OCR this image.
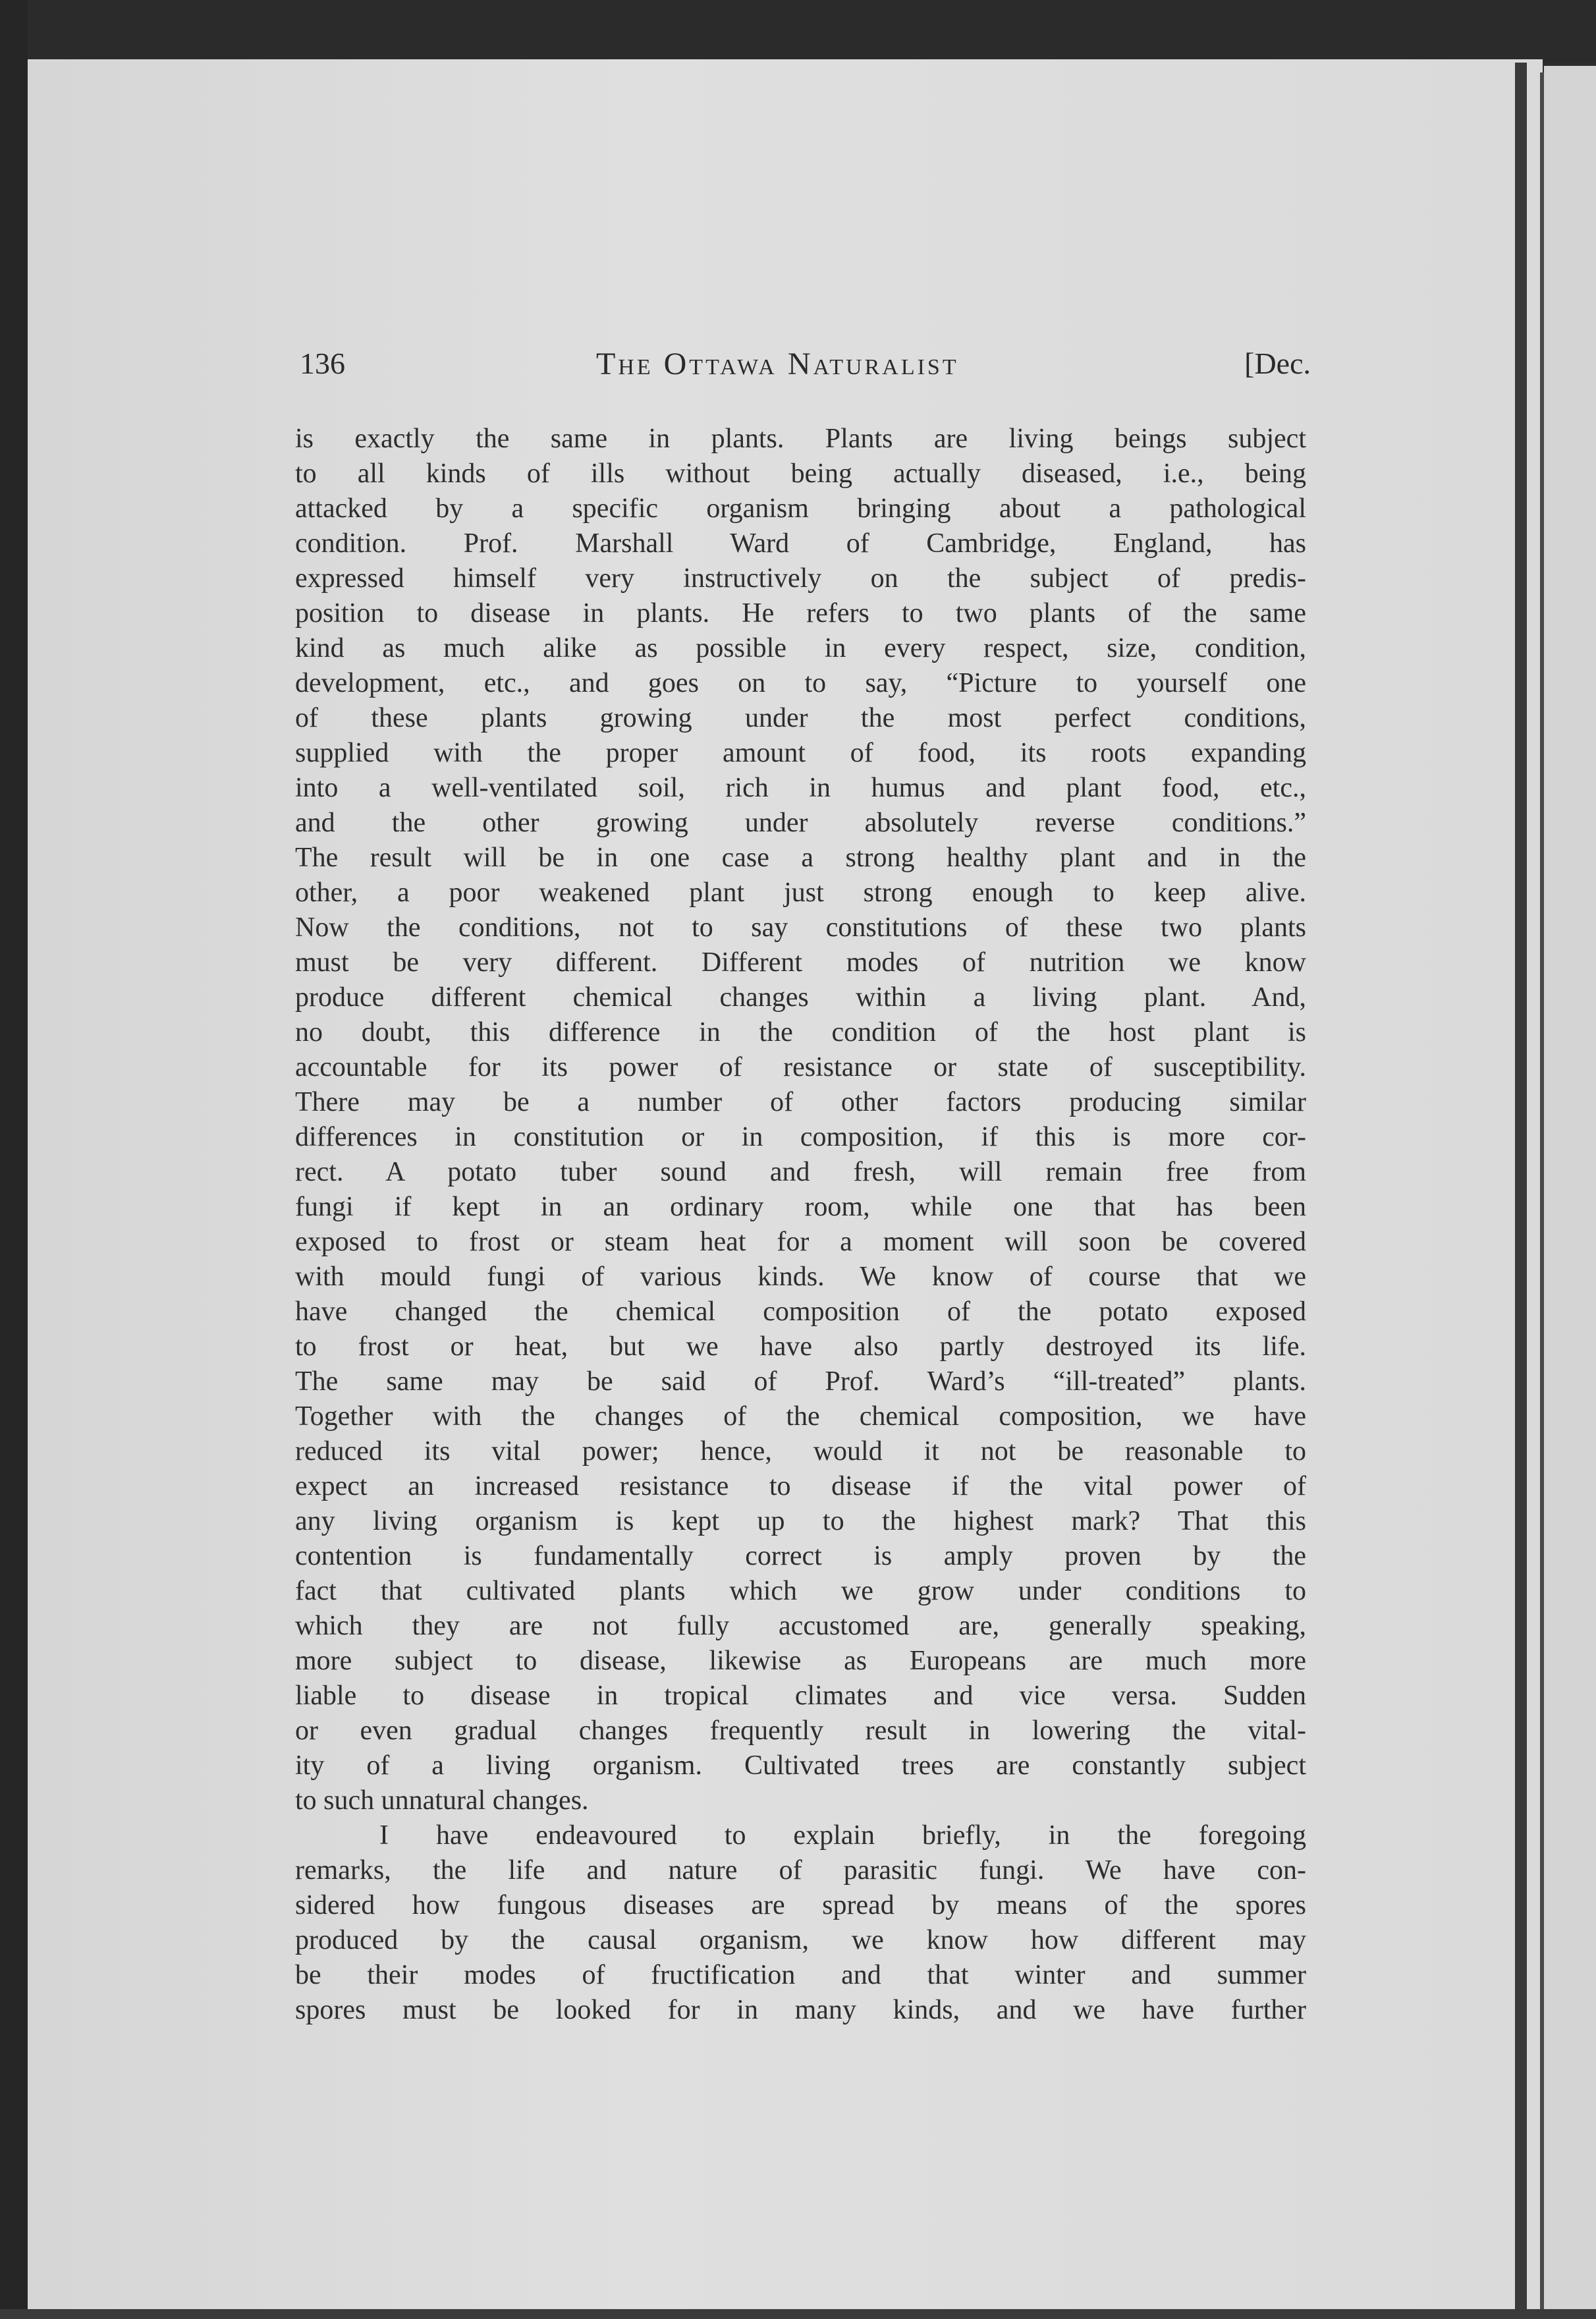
136	The Ottawa Naturalist	[Dec.
is exactly the same in plants. Plants are living beings subject
to all kinds of ills without being actually diseased, i.e., being
attacked by a specific organism bringing about a pathological
condition. Prof. Marshall Ward of Cambridge, England, has
expressed himself very instructively on the subject of predis-
position to disease in plants. He refers to two plants of the same
kind as much alike as possible in every respect, size, condition,
development, etc., and goes on to say, “Picture to yourself one
of these plants growing under the most perfect conditions,
supplied with the proper amount of food, its roots expanding
into a well-ventilated soil, rich in humus and plant food, etc.,
and the other growing under absolutely reverse conditions.”
The result will be in one case a strong healthy plant and in the
other, a poor weakened plant just strong enough to keep alive.
Now the conditions, not to say constitutions of these two plants
must be very different. Different modes of nutrition we know
produce different chemical changes within a living plant. And,
no doubt, this difference in the condition of the host plant is
accountable for its power of resistance or state of susceptibility.
There may be a number of other factors producing similar
differences in constitution or in composition, if this is more cor-
rect. A potato tuber sound and fresh, will remain free from
fungi if kept in an ordinary room, while one that has been
exposed to frost or steam heat for a moment will soon be covered
with mould fungi of various kinds. We know of course that we
have changed the chemical composition of the potato exposed
to frost or heat, but we have also partly destroyed its life.
The same may be said of Prof. Ward’s “ill-treated” plants.
Together with the changes of the chemical composition, we have
reduced its vital power; hence, would it not be reasonable to
expect an increased resistance to disease if the vital power of
any living organism is kept up to the highest mark? That this
contention is fundamentally correct is amply proven by the
fact that cultivated plants which we grow under conditions to
which they are not fully accustomed are, generally speaking,
more subject to disease, likewise as Europeans are much more
liable to disease in tropical climates and vice versa. Sudden
or even gradual changes frequently result in lowering the vital-
ity of a living organism. Cultivated trees are constantly subject
to such unnatural changes.
I have endeavoured to explain briefly, in the foregoing
remarks, the life and nature of parasitic fungi. We have con-
sidered how fungous diseases are spread by means of the spores
produced by the causal organism, we know how different may
be their modes of fructification and that winter and summer
spores must be looked for in many kinds, and we have further
